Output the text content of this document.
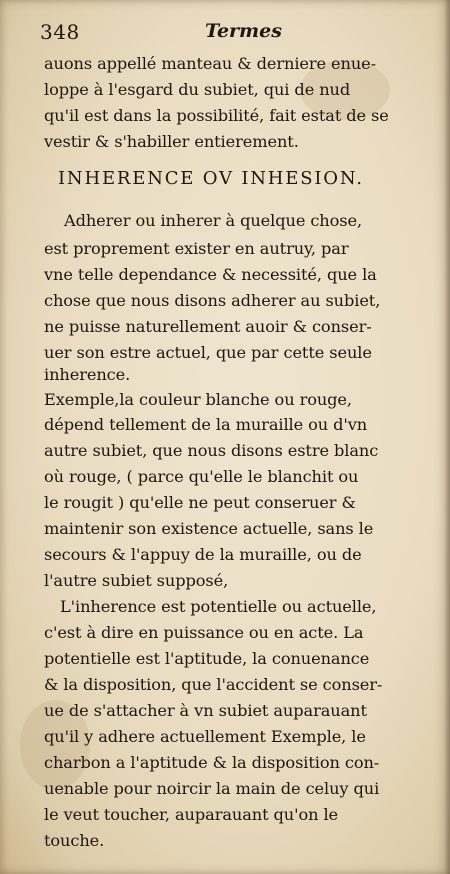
348	Termes
auons appellé manteau & derniere enue-
loppe à l'esgard du subiet, qui de nud
qu'il est dans la possibilité, fait estat de se
vestir & s'habiller entierement.
INHERENCE OV INHESION.
Adherer ou inherer à quelque chose,
est proprement exister en autruy, par
vne telle dependance & necessité, que la
chose que nous disons adherer au subiet,
ne puisse naturellement auoir & conser-
uer son estre actuel, que par cette seule
inherence.
Exemple,la couleur blanche ou rouge,
dépend tellement de la muraille ou d'vn
autre subiet, que nous disons estre blanc
où rouge, ( parce qu'elle le blanchit ou
le rougit ) qu'elle ne peut conseruer &
maintenir son existence actuelle, sans le
secours & l'appuy de la muraille, ou de
l'autre subiet supposé,
L'inherence est potentielle ou actuelle,
c'est à dire en puissance ou en acte. La
potentielle est l'aptitude, la conuenance
& la disposition, que l'accident se conser-
ue de s'attacher à vn subiet auparauant
qu'il y adhere actuellement Exemple, le
charbon a l'aptitude & la disposition con-
uenable pour noircir la main de celuy qui
le veut toucher, auparauant qu'on le
touche.
